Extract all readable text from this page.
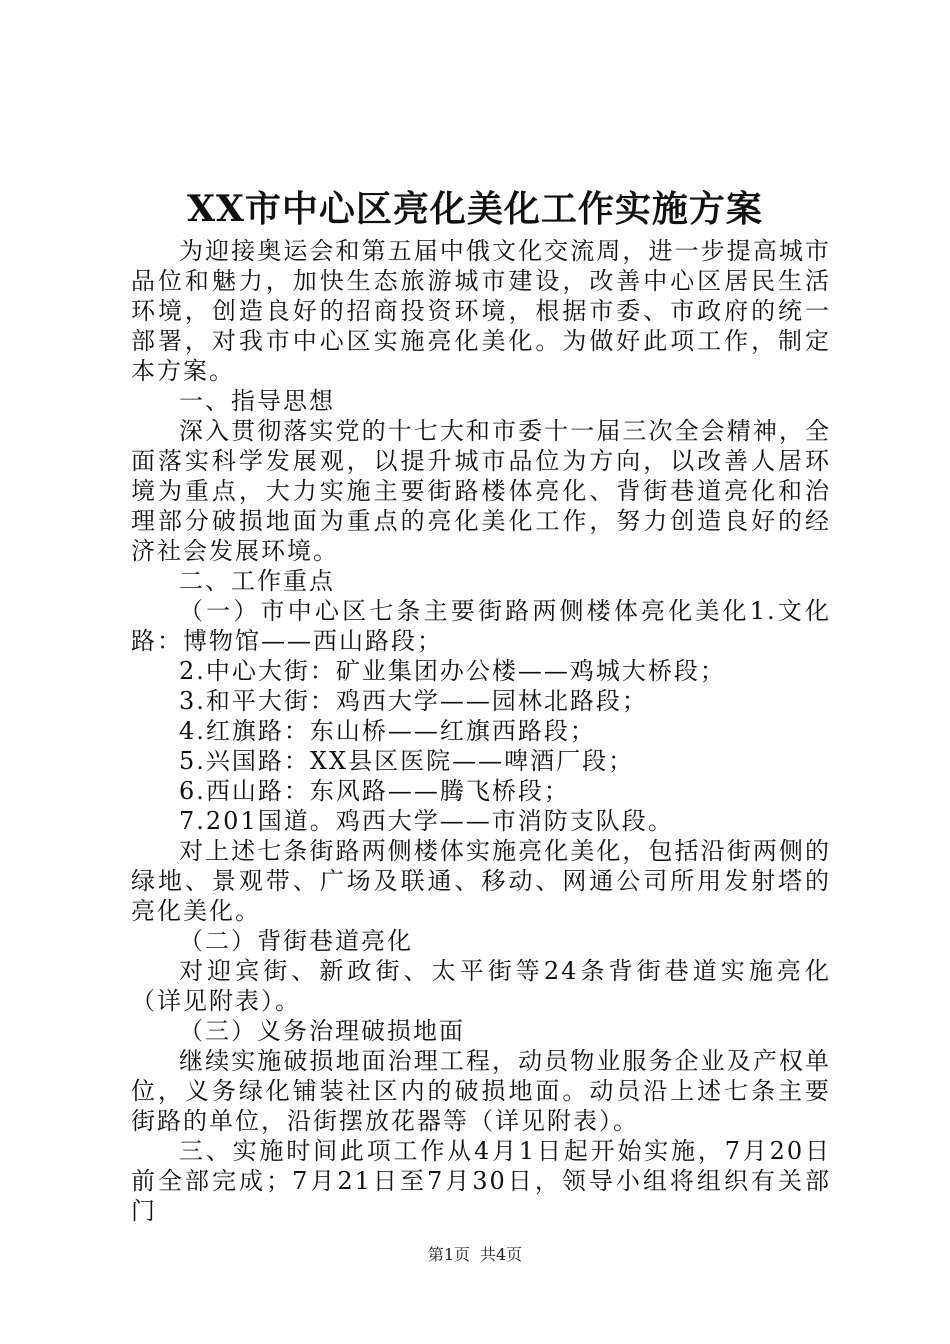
XX市中心区亮化美化工作实施方案

为迎接奥运会和第五届中俄文化交流周，进一步提高城市品位和魅力，加快生态旅游城市建设，改善中心区居民生活环境，创造良好的招商投资环境，根据市委、市政府的统一部署，对我市中心区实施亮化美化。为做好此项工作，制定本方案。

一、指导思想

深入贯彻落实党的十七大和市委十一届三次全会精神，全面落实科学发展观，以提升城市品位为方向，以改善人居环境为重点，大力实施主要街路楼体亮化、背街巷道亮化和治理部分破损地面为重点的亮化美化工作，努力创造良好的经济社会发展环境。

二、工作重点

（一）市中心区七条主要街路两侧楼体亮化美化1.文化路：博物馆——西山路段；

2.中心大街：矿业集团办公楼——鸡城大桥段；

3.和平大街：鸡西大学——园林北路段；

4.红旗路：东山桥——红旗西路段；

5.兴国路：XX县区医院——啤酒厂段；

6.西山路：东风路——腾飞桥段；

7.201国道。鸡西大学——市消防支队段。

对上述七条街路两侧楼体实施亮化美化，包括沿街两侧的绿地、景观带、广场及联通、移动、网通公司所用发射塔的亮化美化。

（二）背街巷道亮化

对迎宾街、新政街、太平街等24条背街巷道实施亮化（详见附表）。

（三）义务治理破损地面

继续实施破损地面治理工程，动员物业服务企业及产权单位，义务绿化铺装社区内的破损地面。动员沿上述七条主要街路的单位，沿街摆放花器等（详见附表）。

三、实施时间此项工作从4月1日起开始实施，7月20日前全部完成；7月21日至7月30日，领导小组将组织有关部门

第1页 共4页
